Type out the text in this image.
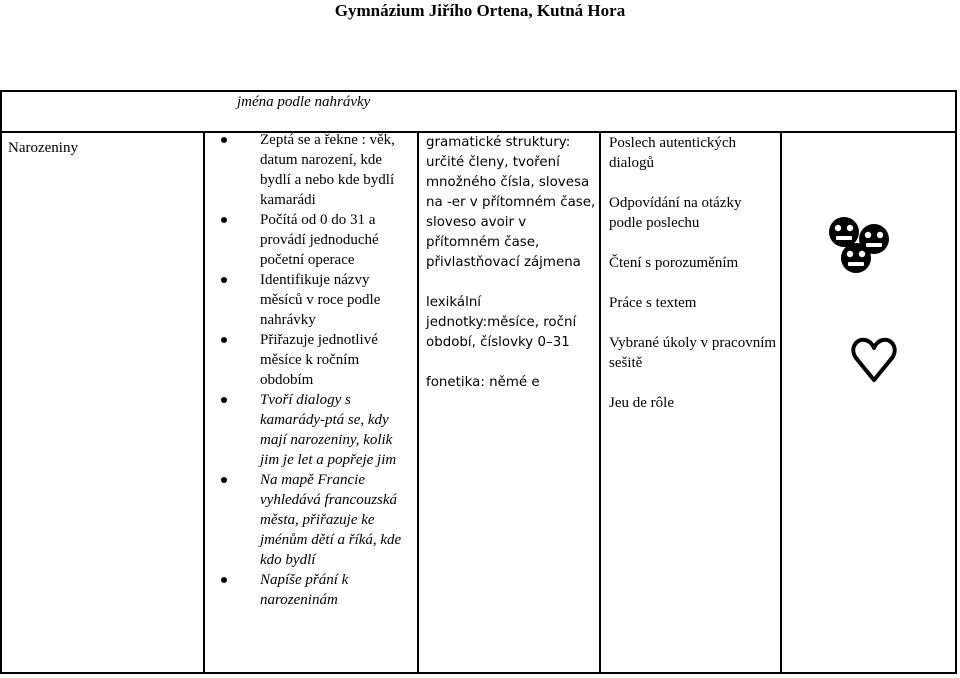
Gymnázium Jiřího Ortena, Kutná Hora
jména podle nahrávky
Narozeniny	Zeptá se a řekne : věk, datum narození, kde bydlí a nebo kde bydlí kamarádi
Počítá od 0 do 31 a provádí jednoduché početní operace
Identifikuje názvy měsíců v roce podle nahrávky
Přiřazuje jednotlivé měsíce k ročním obdobím
Tvoří dialogy s kamarády-ptá se, kdy mají narozeniny, kolik jim je let a popřeje jim
Na mapě Francie vyhledává francouzská města, přiřazuje ke jménům dětí a říká, kde kdo bydlí
Napíše přání k narozeninám
gramatické struktury: určité členy, tvoření množného čísla, slovesa na -er v přítomném čase, sloveso avoir v přítomném čase, přivlastňovací zájmena
lexikální jednotky:měsíce, roční období, číslovky 0–31
fonetika: němé e
Poslech autentických dialogů
Odpovídání na otázky podle poslechu
Čtení s porozuměním
Práce s textem
Vybrané úkoly v pracovním sešitě
Jeu de rôle
